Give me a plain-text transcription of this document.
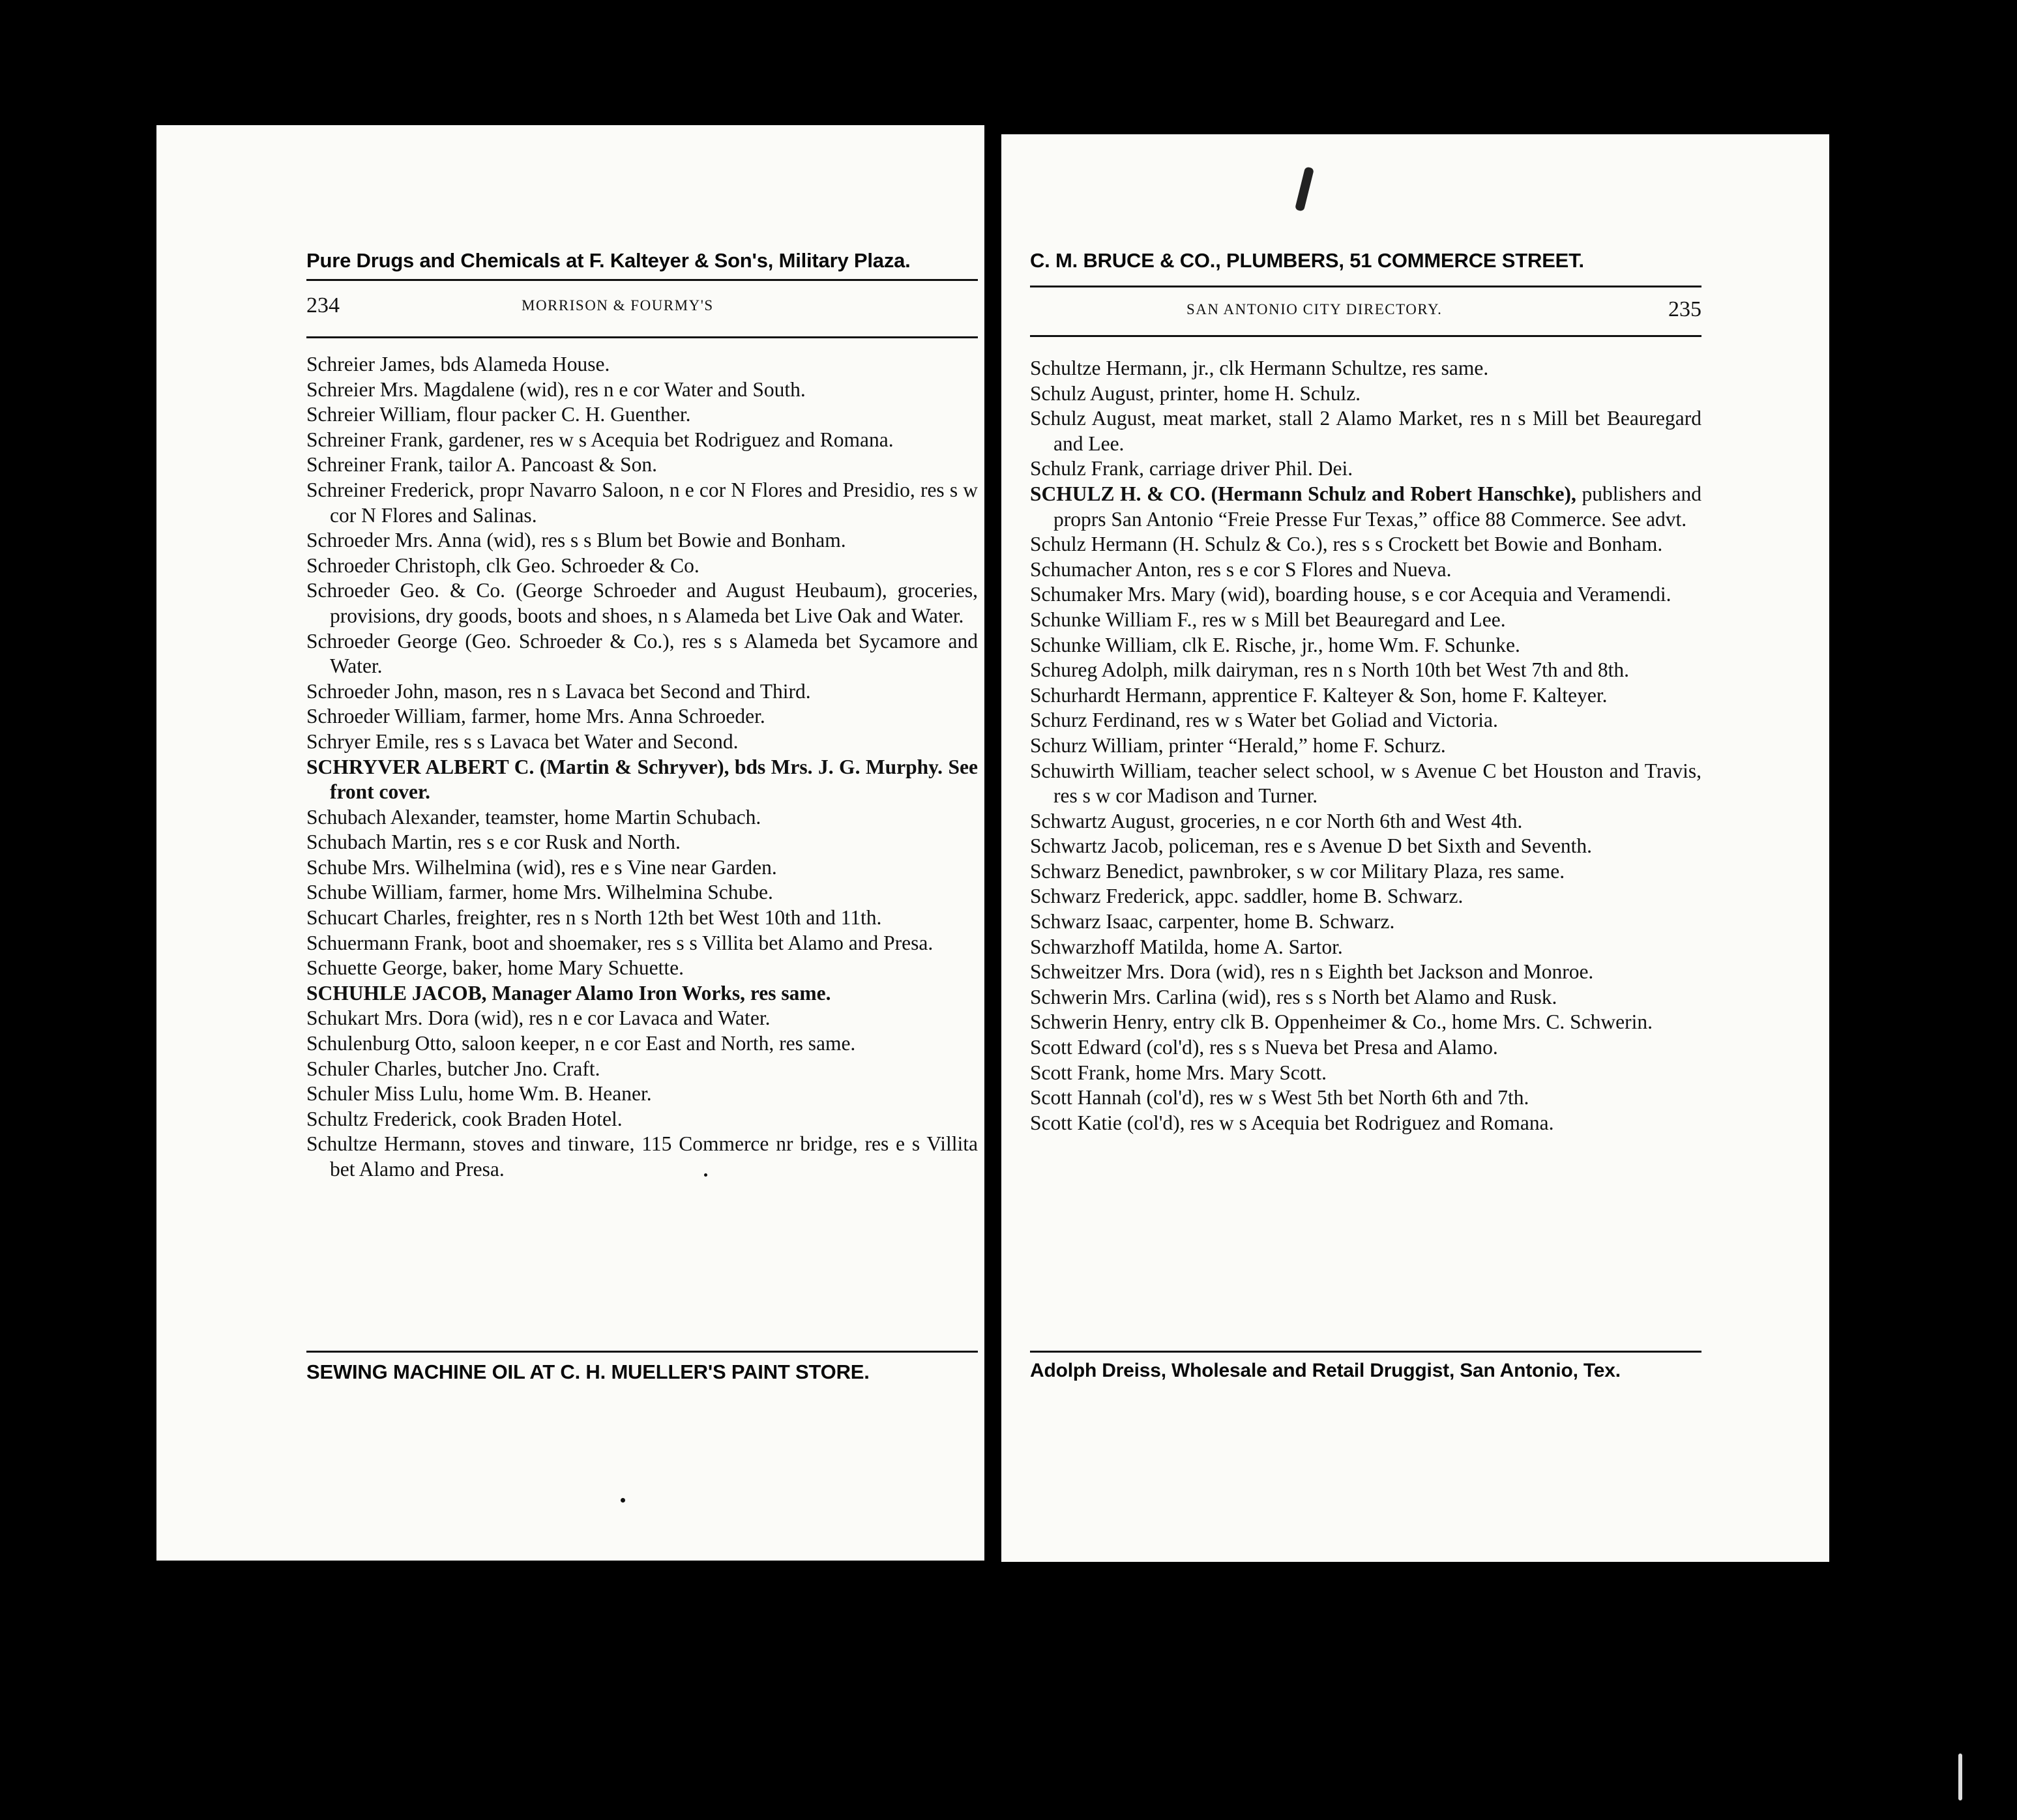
Pure Drugs and Chemicals at F. Kalteyer & Son's, Military Plaza.
234	MORRISON & FOURMY'S
Schreier James, bds Alameda House.
Schreier Mrs. Magdalene (wid), res n e cor Water and South.
Schreier William, flour packer C. H. Guenther.
Schreiner Frank, gardener, res w s Acequia bet Rodriguez and Romana.
Schreiner Frank, tailor A. Pancoast & Son.
Schreiner Frederick, propr Navarro Saloon, n e cor N Flores and Presidio, res s w cor N Flores and Salinas.
Schroeder Mrs. Anna (wid), res s s Blum bet Bowie and Bonham.
Schroeder Christoph, clk Geo. Schroeder & Co.
Schroeder Geo. & Co. (George Schroeder and August Heubaum), groceries, provisions, dry goods, boots and shoes, n s Alameda bet Live Oak and Water.
Schroeder George (Geo. Schroeder & Co.), res s s Alameda bet Sycamore and Water.
Schroeder John, mason, res n s Lavaca bet Second and Third.
Schroeder William, farmer, home Mrs. Anna Schroeder.
Schryer Emile, res s s Lavaca bet Water and Second.
SCHRYVER ALBERT C. (Martin & Schryver), bds Mrs. J. G. Murphy. See front cover.
Schubach Alexander, teamster, home Martin Schubach.
Schubach Martin, res s e cor Rusk and North.
Schube Mrs. Wilhelmina (wid), res e s Vine near Garden.
Schube William, farmer, home Mrs. Wilhelmina Schube.
Schucart Charles, freighter, res n s North 12th bet West 10th and 11th.
Schuermann Frank, boot and shoemaker, res s s Villita bet Alamo and Presa.
Schuette George, baker, home Mary Schuette.
SCHUHLE JACOB, Manager Alamo Iron Works, res same.
Schukart Mrs. Dora (wid), res n e cor Lavaca and Water.
Schulenburg Otto, saloon keeper, n e cor East and North, res same.
Schuler Charles, butcher Jno. Craft.
Schuler Miss Lulu, home Wm. B. Heaner.
Schultz Frederick, cook Braden Hotel.
Schultze Hermann, stoves and tinware, 115 Commerce nr bridge, res e s Villita bet Alamo and Presa.
SEWING MACHINE OIL AT C. H. MUELLER'S PAINT STORE.
C. M. BRUCE & CO., PLUMBERS, 51 COMMERCE STREET.
SAN ANTONIO CITY DIRECTORY.	235
Schultze Hermann, jr., clk Hermann Schultze, res same.
Schulz August, printer, home H. Schulz.
Schulz August, meat market, stall 2 Alamo Market, res n s Mill bet Beauregard and Lee.
Schulz Frank, carriage driver Phil. Dei.
SCHULZ H. & CO. (Hermann Schulz and Robert Hanschke), publishers and proprs San Antonio “Freie Presse Fur Texas,” office 88 Commerce. See advt.
Schulz Hermann (H. Schulz & Co.), res s s Crockett bet Bowie and Bonham.
Schumacher Anton, res s e cor S Flores and Nueva.
Schumaker Mrs. Mary (wid), boarding house, s e cor Acequia and Veramendi.
Schunke William F., res w s Mill bet Beauregard and Lee.
Schunke William, clk E. Rische, jr., home Wm. F. Schunke.
Schureg Adolph, milk dairyman, res n s North 10th bet West 7th and 8th.
Schurhardt Hermann, apprentice F. Kalteyer & Son, home F. Kalteyer.
Schurz Ferdinand, res w s Water bet Goliad and Victoria.
Schurz William, printer “Herald,” home F. Schurz.
Schuwirth William, teacher select school, w s Avenue C bet Houston and Travis, res s w cor Madison and Turner.
Schwartz August, groceries, n e cor North 6th and West 4th.
Schwartz Jacob, policeman, res e s Avenue D bet Sixth and Seventh.
Schwarz Benedict, pawnbroker, s w cor Military Plaza, res same.
Schwarz Frederick, appc. saddler, home B. Schwarz.
Schwarz Isaac, carpenter, home B. Schwarz.
Schwarzhoff Matilda, home A. Sartor.
Schweitzer Mrs. Dora (wid), res n s Eighth bet Jackson and Monroe.
Schwerin Mrs. Carlina (wid), res s s North bet Alamo and Rusk.
Schwerin Henry, entry clk B. Oppenheimer & Co., home Mrs. C. Schwerin.
Scott Edward (col'd), res s s Nueva bet Presa and Alamo.
Scott Frank, home Mrs. Mary Scott.
Scott Hannah (col'd), res w s West 5th bet North 6th and 7th.
Scott Katie (col'd), res w s Acequia bet Rodriguez and Romana.
Adolph Dreiss, Wholesale and Retail Druggist, San Antonio, Tex.
